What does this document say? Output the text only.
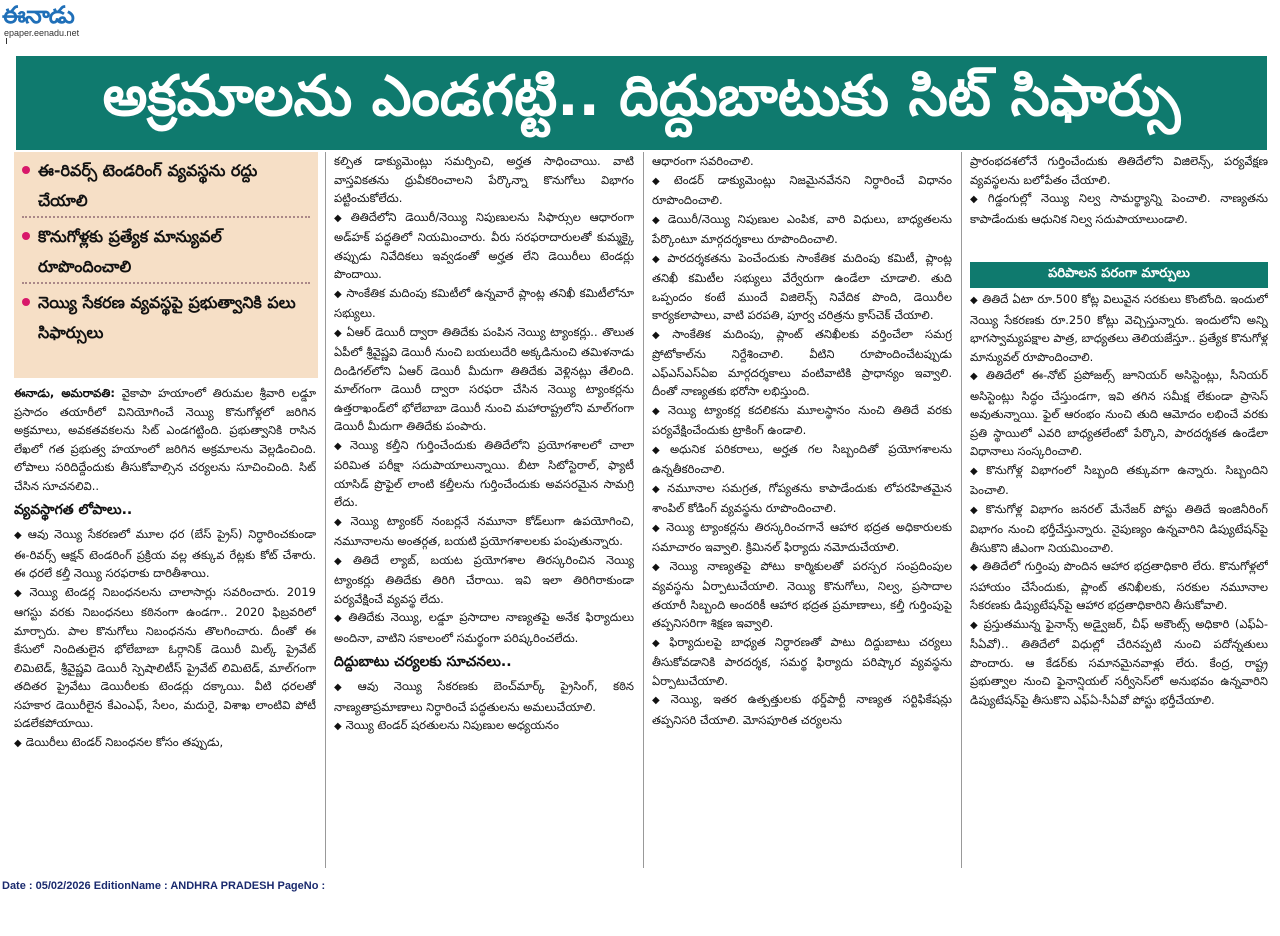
ఈనాడు
epaper.eenadu.net
అక్రమాలను ఎండగట్టి.. దిద్దుబాటుకు సిట్ సిఫార్సు
ఈ-రివర్స్ టెండరింగ్ వ్యవస్థను రద్దు చేయాలి
కొనుగోళ్లకు ప్రత్యేక మాన్యువల్ రూపొందించాలి
నెయ్యి సేకరణ వ్యవస్థపై ప్రభుత్వానికి పలు సిఫార్సులు

ఈనాడు, అమరావతి: వైకాపా హయాంలో తిరుమల శ్రీవారి లడ్డూ ప్రసాదం తయారీలో వినియోగించే నెయ్యి కొనుగోళ్లలో జరిగిన అక్రమాలు, అవకతవకలను సిట్ ఎండగట్టింది. ప్రభుత్వానికి రాసిన లేఖలో గత ప్రభుత్వ హయాంలో జరిగిన అక్రమాలను వెల్లడించింది. లోపాలు సరిదిద్దేందుకు తీసుకోవాల్సిన చర్యలను సూచించింది. సిట్ చేసిన సూచనలివి..

వ్యవస్థాగత లోపాలు..

◆ ఆవు నెయ్యి సేకరణలో మూల ధర (బేస్ ప్రైస్) నిర్ధారించకుండా ఈ-రివర్స్ ఆక్షన్ టెండరింగ్ ప్రక్రియ వల్ల తక్కువ రేట్లకు కోట్ చేశారు. ఈ ధరలే కల్తీ నెయ్యి సరఫరాకు దారితీశాయి.

◆ నెయ్యి టెండర్ల నిబంధనలను చాలాసార్లు సవరించారు. 2019 ఆగస్టు వరకు నిబంధనలు కఠినంగా ఉండగా.. 2020 ఫిబ్రవరిలో మార్చారు. పాల కొనుగోలు నిబంధనను తొలగించారు. దీంతో ఈ కేసులో నిందితులైన భోలేబాబా ఓర్గానిక్ డెయిరీ మిల్క్ ప్రైవేట్ లిమిటెడ్, శ్రీవైష్ణవి డెయిరీ స్పెషాలిటీస్ ప్రైవేట్ లిమిటెడ్, మాల్‌గంగా తదితర ప్రైవేటు డెయిరీలకు టెండర్లు దక్కాయి. వీటి ధరలతో సహకార డెయిరీలైన కేఎంఎఫ్, సేలం, మదురై, విశాఖ లాంటివి పోటీ పడలేకపోయాయి.

◆ డెయిరీలు టెండర్ నిబంధనల కోసం తప్పుడు,

కల్పిత డాక్యుమెంట్లు సమర్పించి, అర్హత సాధించాయి. వాటి వాస్తవికతను ధ్రువీకరించాలని పేర్కొన్నా కొనుగోలు విభాగం పట్టించుకోలేదు.

◆ తితిదేలోని డెయిరీ/నెయ్యి నిపుణులను సిఫార్సుల ఆధారంగా అడ్‌హక్ పద్ధతిలో నియమించారు. వీరు సరఫరాదారులతో కుమ్మక్కై తప్పుడు నివేదికలు ఇవ్వడంతో అర్హత లేని డెయిరీలు టెండర్లు పొందాయి.

◆ సాంకేతిక మదింపు కమిటీలో ఉన్నవారే ప్లాంట్ల తనిఖీ కమిటీలోనూ సభ్యులు.

◆ ఏఆర్ డెయిరీ ద్వారా తితిదేకు పంపిన నెయ్యి ట్యాంకర్లు.. తొలుత ఏపీలో శ్రీవైష్ణవి డెయిరీ నుంచి బయలుదేరి అక్కడినుంచి తమిళనాడు దిండిగల్‌లోని ఏఆర్ డెయిరీ మీదుగా తితిదేకు వెళ్లినట్లు తేలింది. మాల్‌గంగా డెయిరీ ద్వారా సరఫరా చేసిన నెయ్యి ట్యాంకర్లను ఉత్తరాఖండ్‌లో భోలేబాబా డెయిరీ నుంచి మహారాష్ట్రలోని మాల్‌గంగా డెయిరీ మీదుగా తితిదేకు పంపారు.

◆ నెయ్యి కల్తీని గుర్తించేందుకు తితిదేలోని ప్రయోగశాలలో చాలా పరిమిత పరీక్షా సదుపాయాలున్నాయి. బీటా సిటోస్టెరాల్, ఫ్యాటీ యాసిడ్ ప్రొఫైల్ లాంటి కల్తీలను గుర్తించేందుకు అవసరమైన సామగ్రి లేదు.

◆ నెయ్యి ట్యాంకర్ నంబర్లనే నమూనా కోడ్‌లుగా ఉపయోగించి, నమూనాలను అంతర్గత, బయటి ప్రయోగశాలలకు పంపుతున్నారు.

◆ తితిదే ల్యాబ్, బయట ప్రయోగశాల తిరస్కరించిన నెయ్యి ట్యాంకర్లు తితిదేకు తిరిగి చేరాయి. ఇవి ఇలా తిరిగిరాకుండా పర్యవేక్షించే వ్యవస్థ లేదు.

◆ తితిదేకు నెయ్యి, లడ్డూ ప్రసాదాల నాణ్యతపై అనేక ఫిర్యాదులు అందినా, వాటిని సకాలంలో సమర్థంగా పరిష్కరించలేదు.

దిద్దుబాటు చర్యలకు సూచనలు..

◆ ఆవు నెయ్యి సేకరణకు బెంచ్‌మార్క్ ప్రైసింగ్, కఠిన నాణ్యతాప్రమాణాలు నిర్ధారించే పద్ధతులను అమలుచేయాలి.

◆ నెయ్యి టెండర్ షరతులను నిపుణుల అధ్యయనం

ఆధారంగా సవరించాలి.

◆ టెండర్ డాక్యుమెంట్లు నిజమైనవేనని నిర్ధారించే విధానం రూపొందించాలి.

◆ డెయిరీ/నెయ్యి నిపుణుల ఎంపిక, వారి విధులు, బాధ్యతలను పేర్కొంటూ మార్గదర్శకాలు రూపొందించాలి.

◆ పారదర్శకతను పెంచేందుకు సాంకేతిక మదింపు కమిటీ, ప్లాంట్ల తనిఖీ కమిటీల సభ్యులు వేర్వేరుగా ఉండేలా చూడాలి. తుది ఒప్పందం కంటే ముందే విజిలెన్స్ నివేదిక పొంది, డెయిరీల కార్యకలాపాలు, వాటి పరపతి, పూర్వ చరిత్రను క్రాస్‌చెక్ చేయాలి.

◆ సాంకేతిక మదింపు, ప్లాంట్ తనిఖీలకు వర్తించేలా సమగ్ర ప్రోటోకాల్‌ను నిర్దేశించాలి. వీటిని రూపొందించేటప్పుడు ఎఫ్ఎస్ఎస్ఏఐ మార్గదర్శకాలు వంటివాటికి ప్రాధాన్యం ఇవ్వాలి. దీంతో నాణ్యతకు భరోసా లభిస్తుంది.

◆ నెయ్యి ట్యాంకర్ల కదలికను మూలస్థానం నుంచి తితిదే వరకు పర్యవేక్షించేందుకు ట్రాకింగ్ ఉండాలి.

◆ అధునిక పరికరాలు, అర్హత గల సిబ్బందితో ప్రయోగశాలను ఉన్నతీకరించాలి.

◆ నమూనాల సమగ్రత, గోప్యతను కాపాడేందుకు లోపరహితమైన శాంపిల్ కోడింగ్ వ్యవస్థను రూపొందించాలి.

◆ నెయ్యి ట్యాంకర్లను తిరస్కరించగానే ఆహార భద్రత అధికారులకు సమాచారం ఇవ్వాలి. క్రిమినల్ ఫిర్యాదు నమోదుచేయాలి.

◆ నెయ్యి నాణ్యతపై పోటు కార్మికులతో పరస్పర సంప్రదింపుల వ్యవస్థను ఏర్పాటుచేయాలి. నెయ్యి కొనుగోలు, నిల్వ, ప్రసాదాల తయారీ సిబ్బంది అందరికీ ఆహార భద్రత ప్రమాణాలు, కల్తీ గుర్తింపుపై తప్పనిసరిగా శిక్షణ ఇవ్వాలి.

◆ ఫిర్యాదులపై బాధ్యత నిర్ధారణతో పాటు దిద్దుబాటు చర్యలు తీసుకోవడానికి పారదర్శక, సమర్థ ఫిర్యాదు పరిష్కార వ్యవస్థను ఏర్పాటుచేయాలి.

◆ నెయ్యి, ఇతర ఉత్పత్తులకు థర్డ్‌పార్టీ నాణ్యత సర్టిఫికేషన్లు తప్పనిసరి చేయాలి. మోసపూరిత చర్యలను

ప్రారంభదశలోనే గుర్తించేందుకు తితిదేలోని విజిలెన్స్, పర్యవేక్షణ వ్యవస్థలను బలోపేతం చేయాలి.

◆ గిడ్డంగుల్లో నెయ్యి నిల్వ సామర్థ్యాన్ని పెంచాలి. నాణ్యతను కాపాడేందుకు ఆధునిక నిల్వ సదుపాయాలుండాలి.

పరిపాలన పరంగా మార్పులు

◆ తితిదే ఏటా రూ.500 కోట్ల విలువైన సరకులు కొంటోంది. ఇందులో నెయ్యి సేకరణకు రూ.250 కోట్లు వెచ్చిస్తున్నారు. ఇందులోని అన్ని భాగస్వామ్యపక్షాల పాత్ర, బాధ్యతలు తెలియజేస్తూ.. ప్రత్యేక కొనుగోళ్ల మాన్యువల్ రూపొందించాలి.

◆ తితిదేలో ఈ-నోట్ ప్రపోజల్స్ జూనియర్ అసిస్టెంట్లు, సీనియర్ అసిస్టెంట్లు సిద్ధం చేస్తుండగా, ఇవి తగిన సమీక్ష లేకుండా ప్రాసెస్ అవుతున్నాయి. ఫైల్ ఆరంభం నుంచి తుది ఆమోదం లభించే వరకు ప్రతి స్థాయిలో ఎవరి బాధ్యతలేంటో పేర్కొని, పారదర్శకత ఉండేలా విధానాలు సంస్కరించాలి.

◆ కొనుగోళ్ల విభాగంలో సిబ్బంది తక్కువగా ఉన్నారు. సిబ్బందిని పెంచాలి.

◆ కొనుగోళ్ల విభాగం జనరల్ మేనేజర్ పోస్టు తితిదే ఇంజినీరింగ్ విభాగం నుంచి భర్తీచేస్తున్నారు. నైపుణ్యం ఉన్నవారిని డిప్యుటేషన్‌పై తీసుకొని జీఎంగా నియమించాలి.

◆ తితిదేలో గుర్తింపు పొందిన ఆహార భద్రతాధికారి లేరు. కొనుగోళ్లలో సహాయం చేసేందుకు, ప్లాంట్ తనిఖీలకు, సరకుల నమూనాల సేకరణకు డిప్యుటేషన్‌పై ఆహార భద్రతాధికారిని తీసుకోవాలి.

◆ ప్రస్తుతమున్న ఫైనాన్స్ అడ్వైజర్, చీఫ్ అకౌంట్స్ అధికారి (ఎఫ్ఏ-సీఏవో).. తితిదేలో విధుల్లో చేరినప్పటి నుంచి పదోన్నతులు పొందారు. ఆ కేడర్‌కు సమానమైనవాళ్లు లేరు. కేంద్ర, రాష్ట్ర ప్రభుత్వాల నుంచి ఫైనాన్షియల్ సర్వీసెస్‌లో అనుభవం ఉన్నవారిని డిప్యుటేషన్‌పై తీసుకొని ఎఫ్ఏ-సీఏవో పోస్టు భర్తీచేయాలి.

Date : 05/02/2026 EditionName : ANDHRA PRADESH PageNo :
